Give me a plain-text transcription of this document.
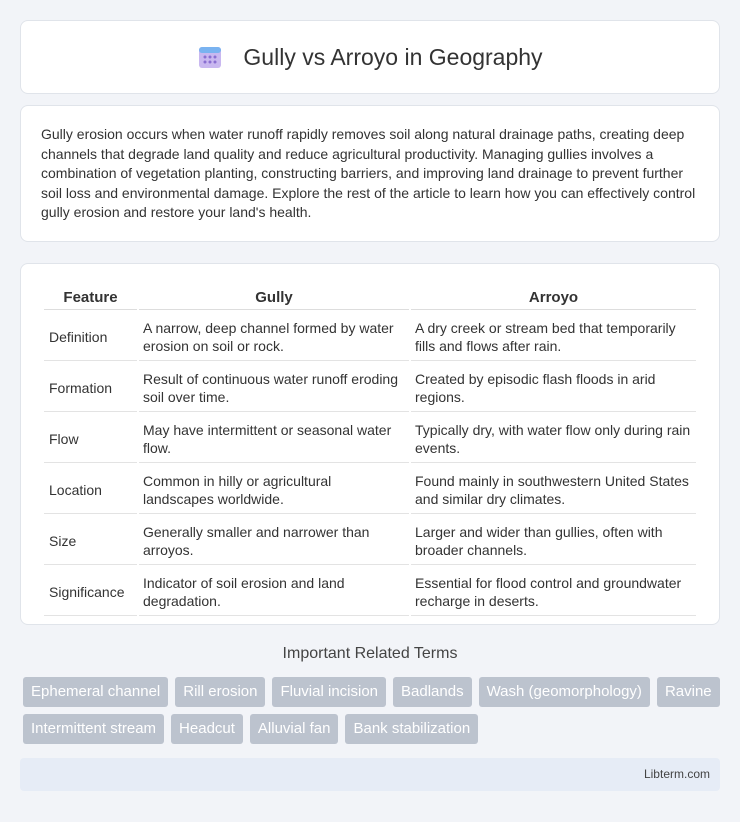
Gully vs Arroyo in Geography

Gully erosion occurs when water runoff rapidly removes soil along natural drainage paths, creating deep channels that degrade land quality and reduce agricultural productivity. Managing gullies involves a combination of vegetation planting, constructing barriers, and improving land drainage to prevent further soil loss and environmental damage. Explore the rest of the article to learn how you can effectively control gully erosion and restore your land's health.

Feature	Gully	Arroyo
Definition	A narrow, deep channel formed by water erosion on soil or rock.	A dry creek or stream bed that temporarily fills and flows after rain.
Formation	Result of continuous water runoff eroding soil over time.	Created by episodic flash floods in arid regions.
Flow	May have intermittent or seasonal water flow.	Typically dry, with water flow only during rain events.
Location	Common in hilly or agricultural landscapes worldwide.	Found mainly in southwestern United States and similar dry climates.
Size	Generally smaller and narrower than arroyos.	Larger and wider than gullies, often with broader channels.
Significance	Indicator of soil erosion and land degradation.	Essential for flood control and groundwater recharge in deserts.
Important Related Terms
Ephemeral channel	Rill erosion	Fluvial incision	Badlands	Wash (geomorphology)	Ravine
Intermittent stream	Headcut	Alluvial fan	Bank stabilization
Libterm.com
